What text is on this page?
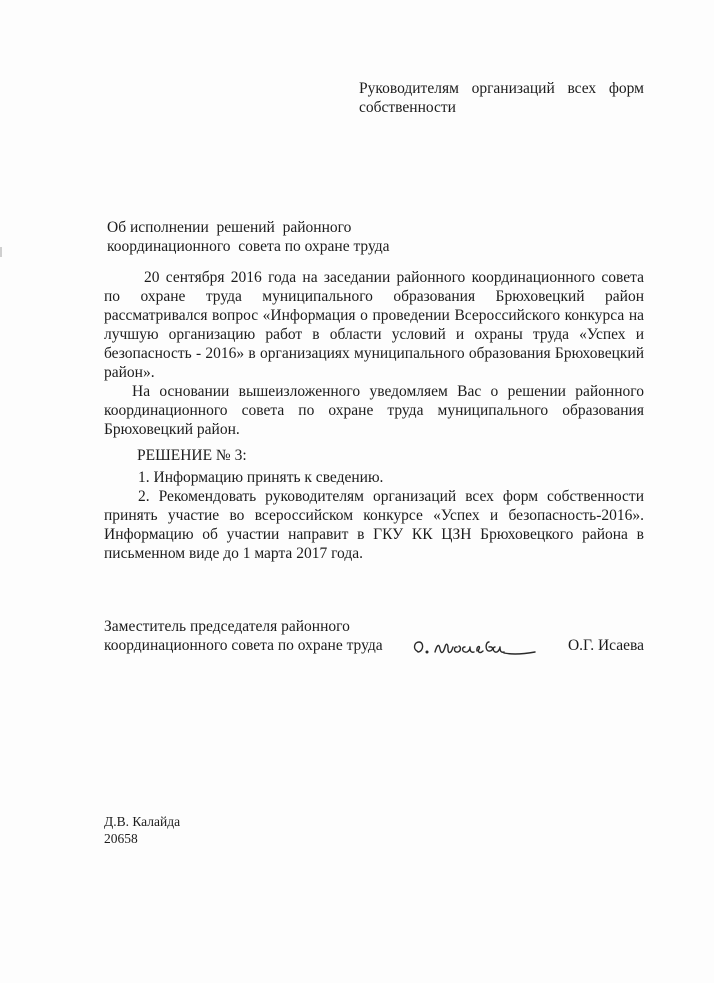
Руководителям организаций всех форм
собственности
Об исполнении  решений  районного
координационного  совета по охране труда

20 сентября 2016 года на заседании районного координационного совета по охране труда муниципального образования Брюховецкий район рассматривался вопрос «Информация о проведении Всероссийского конкурса на лучшую организацию работ в области условий и охраны труда «Успех и безопасность - 2016» в организациях муниципального образования Брюховецкий район».

На основании вышеизложенного уведомляем Вас о решении районного координационного совета по охране труда муниципального образования Брюховецкий район.

РЕШЕНИЕ № 3:
1. Информацию принять к сведению.

2. Рекомендовать руководителям организаций всех форм собственности принять участие во всероссийском конкурсе «Успех и безопасность-2016». Информацию об участии направит в ГКУ КК ЦЗН Брюховецкого района в письменном виде до 1 марта 2017 года.

Заместитель председателя районного
координационного совета по охране труда	О.Г. Исаева
Д.В. Калайда
20658
